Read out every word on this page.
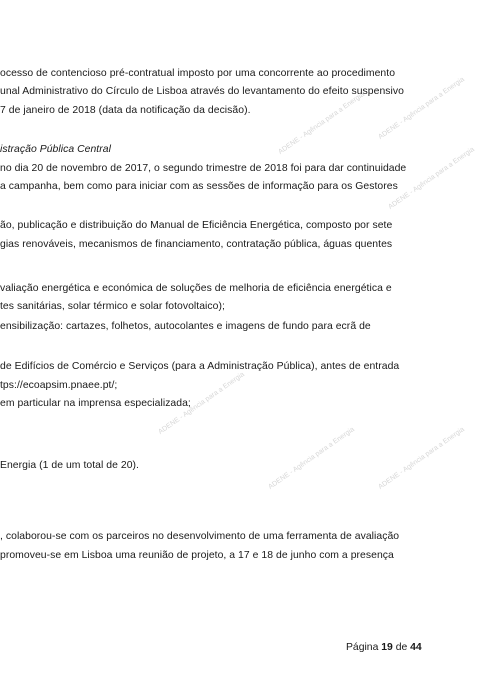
ADENE - Agência para a Energia ADENE - Agência para a Energia
ADENE - Agência para a Energia
ADENE - Agência para a Energia
ADENE - Agência para a Energia	ADENE - Agência para a Energia
ocesso de contencioso pré-contratual imposto por uma concorrente ao procedimento
unal Administrativo do Círculo de Lisboa através do levantamento do efeito suspensivo
7 de janeiro de 2018 (data da notificação da decisão).
istração Pública Central
no dia 20 de novembro de 2017, o segundo trimestre de 2018 foi para dar continuidade
a campanha, bem como para iniciar com as sessões de informação para os Gestores
ão, publicação e distribuição do Manual de Eficiência Energética, composto por sete
gias renováveis, mecanismos de financiamento, contratação pública, águas quentes
valiação energética e económica de soluções de melhoria de eficiência energética e
tes sanitárias, solar térmico e solar fotovoltaico);
ensibilização: cartazes, folhetos, autocolantes e imagens de fundo para ecrã de
de Edifícios de Comércio e Serviços (para a Administração Pública), antes de entrada
tps://ecoapsim.pnaee.pt/;
em particular na imprensa especializada;
Energia (1 de um total de 20).
, colaborou-se com os parceiros no desenvolvimento de uma ferramenta de avaliação
promoveu-se em Lisboa uma reunião de projeto, a 17 e 18 de junho com a presença
Página 19 de 44
